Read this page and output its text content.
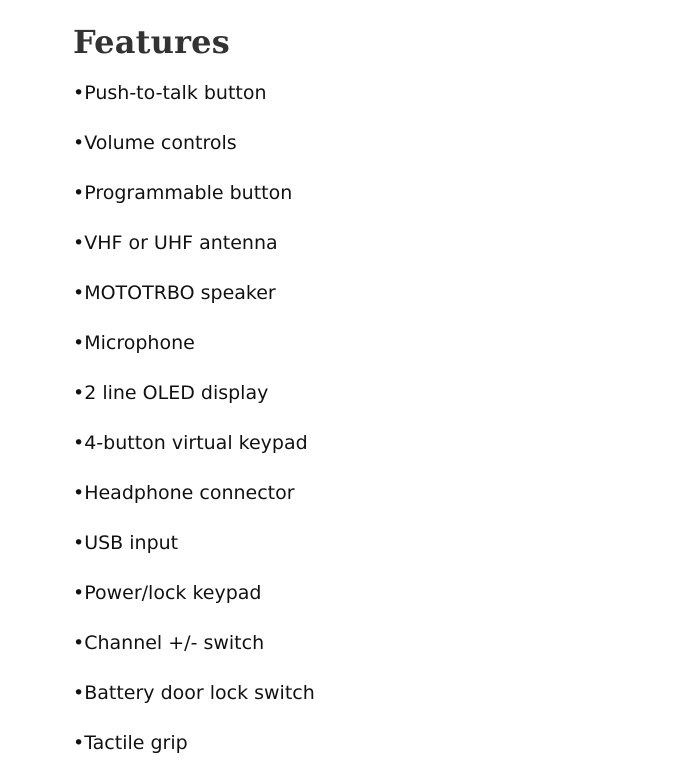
Features
•Push-to-talk button
•Volume controls
•Programmable button
•VHF or UHF antenna
•MOTOTRBO speaker
•Microphone
•2 line OLED display
•4-button virtual keypad
•Headphone connector
•USB input
•Power/lock keypad
•Channel +/- switch
•Battery door lock switch
•Tactile grip
